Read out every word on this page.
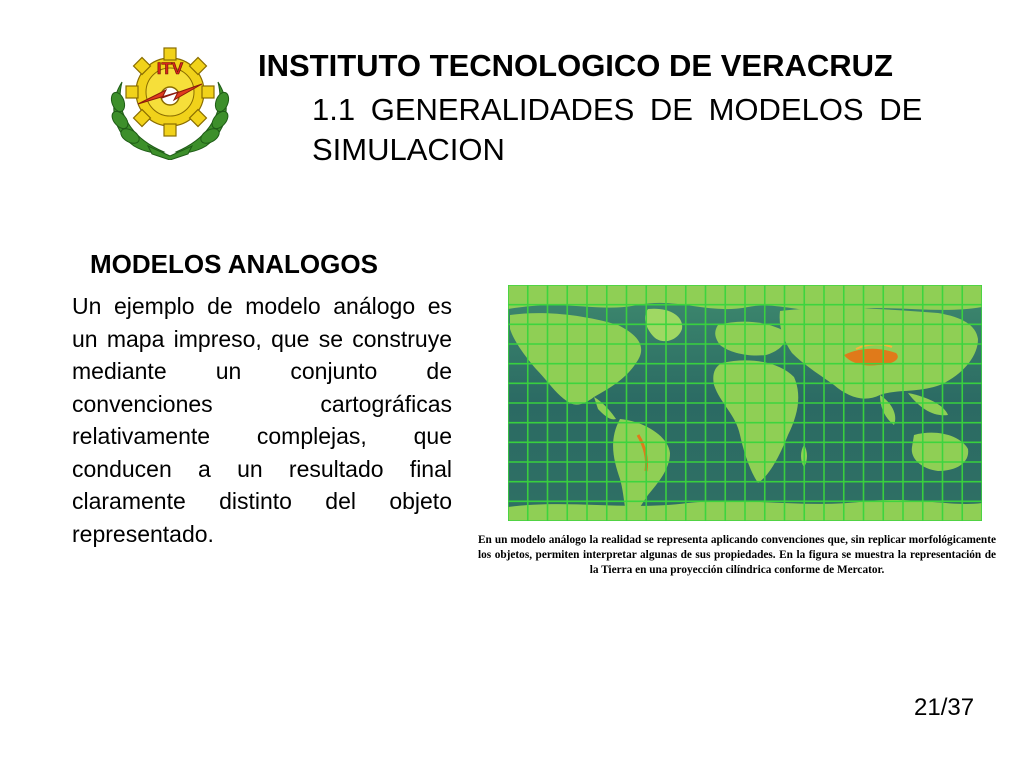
ITV INSTITUTO TECNOLOGICO DE VERACRUZ
1.1 GENERALIDADES DE MODELOS DE SIMULACION
MODELOS ANALOGOS
Un ejemplo de modelo análogo es un mapa impreso, que se construye mediante un conjunto de convenciones cartográficas relativamente complejas, que conducen a un resultado final claramente distinto del objeto representado.	En un modelo análogo la realidad se representa aplicando convenciones que, sin replicar morfológicamente los objetos, permiten interpretar algunas de sus propiedades. En la figura se muestra la representación de la Tierra en una proyección cilíndrica conforme de Mercator.
21/37
